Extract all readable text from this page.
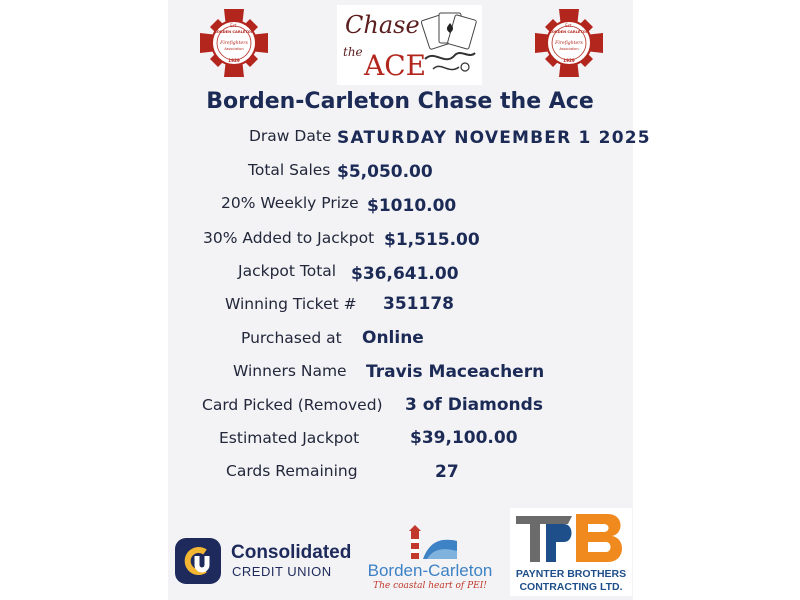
Est.
BORDEN CARLETON
Firefighters
Association
1929
Est.
BORDEN CARLETON
Firefighters
Association
1929
Chase
the ACE
Borden-Carleton Chase the Ace
Draw Date SATURDAY NOVEMBER 1 2025
Total Sales $5,050.00
20% Weekly Prize $1010.00
30% Added to Jackpot $1,515.00
Jackpot Total $36,641.00
Winning Ticket # 351178
Purchased at Online
Winners Name Travis Maceachern
Card Picked (Removed) 3 of Diamonds
Estimated Jackpot	$39,100.00
Cards Remaining	27
Consolidated
CREDIT UNION	Borden-Carleton
The coastal heart of PEI!
PAYNTER BROTHERS
CONTRACTING LTD.
